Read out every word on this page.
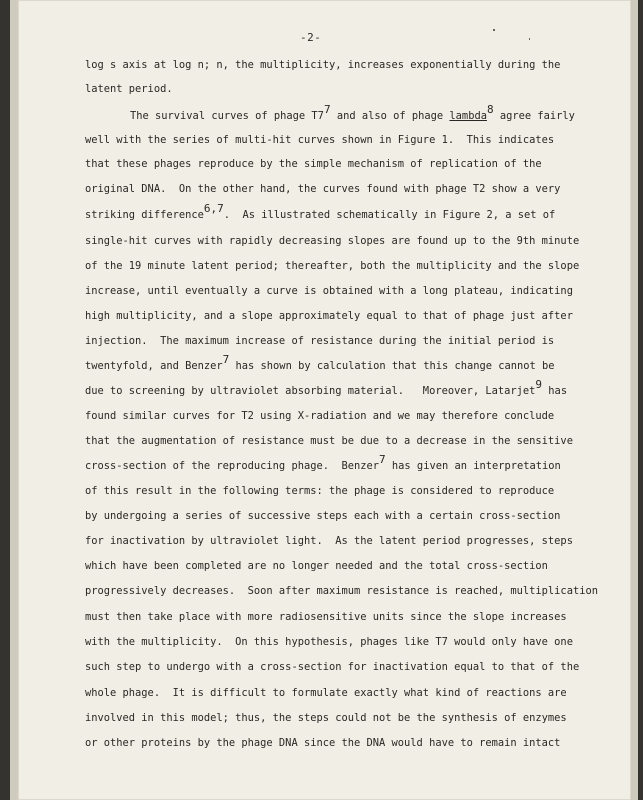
-2-
log s axis at log n; n, the multiplicity, increases exponentially during the
latent period.
The survival curves of phage $T7^7$ and also of phage lambda$^8$ agree fairly
well with the series of multi-hit curves shown in Figure 1.  This indicates
that these phages reproduce by the simple mechanism of replication of the
original DNA.  On the other hand, the curves found with phage T2 show a very
striking difference$^{6,7}$.  As illustrated schematically in Figure 2, a set of
single-hit curves with rapidly decreasing slopes are found up to the 9th minute
of the 19 minute latent period; thereafter, both the multiplicity and the slope
increase, until eventually a curve is obtained with a long plateau, indicating
high multiplicity, and a slope approximately equal to that of phage just after
injection.  The maximum increase of resistance during the initial period is
twentyfold, and Benzer$^7$ has shown by calculation that this change cannot be
due to screening by ultraviolet absorbing material.   Moreover, Latarjet$^9$ has
found similar curves for T2 using X-radiation and we may therefore conclude
that the augmentation of resistance must be due to a decrease in the sensitive
cross-section of the reproducing phage.  Benzer$^7$ has given an interpretation
of this result in the following terms: the phage is considered to reproduce
by undergoing a series of successive steps each with a certain cross-section
for inactivation by ultraviolet light.  As the latent period progresses, steps
which have been completed are no longer needed and the total cross-section
progressively decreases.  Soon after maximum resistance is reached, multiplication
must then take place with more radiosensitive units since the slope increases
with the multiplicity.  On this hypothesis, phages like T7 would only have one
such step to undergo with a cross-section for inactivation equal to that of the
whole phage.  It is difficult to formulate exactly what kind of reactions are
involved in this model; thus, the steps could not be the synthesis of enzymes
or other proteins by the phage DNA since the DNA would have to remain intact
